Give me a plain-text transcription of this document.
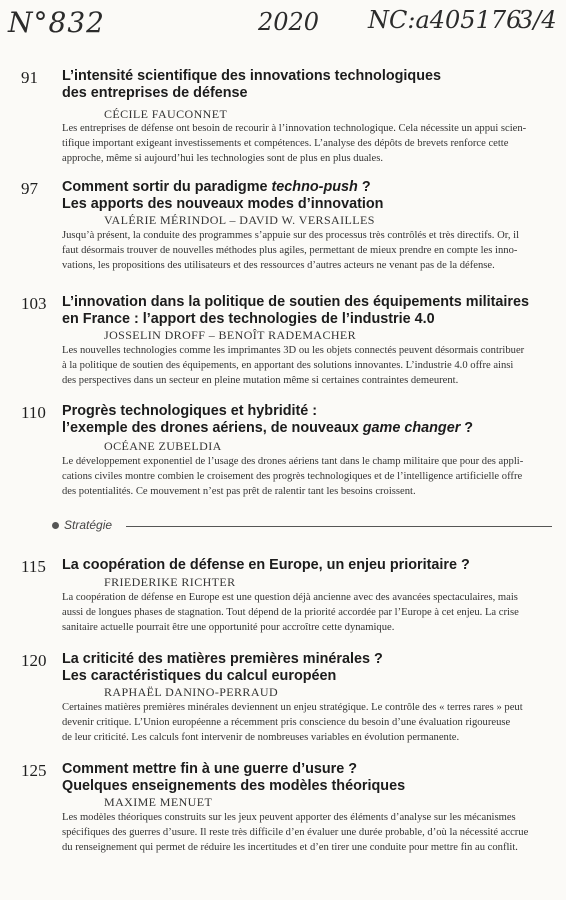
N°832	2020 NC:a405176
3/4
91 L’intensité scientifique des innovations technologiques
des entreprises de défense
CÉCILE FAUCONNET
Les entreprises de défense ont besoin de recourir à l’innovation technologique. Cela nécessite un appui scien-
tifique important exigeant investissements et compétences. L’analyse des dépôts de brevets renforce cette
approche, même si aujourd’hui les technologies sont de plus en plus duales.
97 Comment sortir du paradigme techno-push ?
Les apports des nouveaux modes d’innovation
VALÉRIE MÉRINDOL – DAVID W. VERSAILLES
Jusqu’à présent, la conduite des programmes s’appuie sur des processus très contrôlés et très directifs. Or, il
faut désormais trouver de nouvelles méthodes plus agiles, permettant de mieux prendre en compte les inno-
vations, les propositions des utilisateurs et des ressources d’autres acteurs ne venant pas de la défense.
103 L’innovation dans la politique de soutien des équipements militaires
en France : l’apport des technologies de l’industrie 4.0
JOSSELIN DROFF – BENOÎT RADEMACHER
Les nouvelles technologies comme les imprimantes 3D ou les objets connectés peuvent désormais contribuer
à la politique de soutien des équipements, en apportant des solutions innovantes. L’industrie 4.0 offre ainsi
des perspectives dans un secteur en pleine mutation même si certaines contraintes demeurent.
110 Progrès technologiques et hybridité :
l’exemple des drones aériens, de nouveaux game changer ?
OCÉANE ZUBELDIA
Le développement exponentiel de l’usage des drones aériens tant dans le champ militaire que pour des appli-
cations civiles montre combien le croisement des progrès technologiques et de l’intelligence artificielle offre
des potentialités. Ce mouvement n’est pas prêt de ralentir tant les besoins croissent.
Stratégie
115 La coopération de défense en Europe, un enjeu prioritaire ?
FRIEDERIKE RICHTER
La coopération de défense en Europe est une question déjà ancienne avec des avancées spectaculaires, mais
aussi de longues phases de stagnation. Tout dépend de la priorité accordée par l’Europe à cet enjeu. La crise
sanitaire actuelle pourrait être une opportunité pour accroître cette dynamique.
120 La criticité des matières premières minérales ?
Les caractéristiques du calcul européen
RAPHAËL DANINO-PERRAUD
Certaines matières premières minérales deviennent un enjeu stratégique. Le contrôle des « terres rares » peut
devenir critique. L’Union européenne a récemment pris conscience du besoin d’une évaluation rigoureuse
de leur criticité. Les calculs font intervenir de nombreuses variables en évolution permanente.
125 Comment mettre fin à une guerre d’usure ?
Quelques enseignements des modèles théoriques
MAXIME MENUET
Les modèles théoriques construits sur les jeux peuvent apporter des éléments d’analyse sur les mécanismes
spécifiques des guerres d’usure. Il reste très difficile d’en évaluer une durée probable, d’où la nécessité accrue
du renseignement qui permet de réduire les incertitudes et d’en tirer une conduite pour mettre fin au conflit.
